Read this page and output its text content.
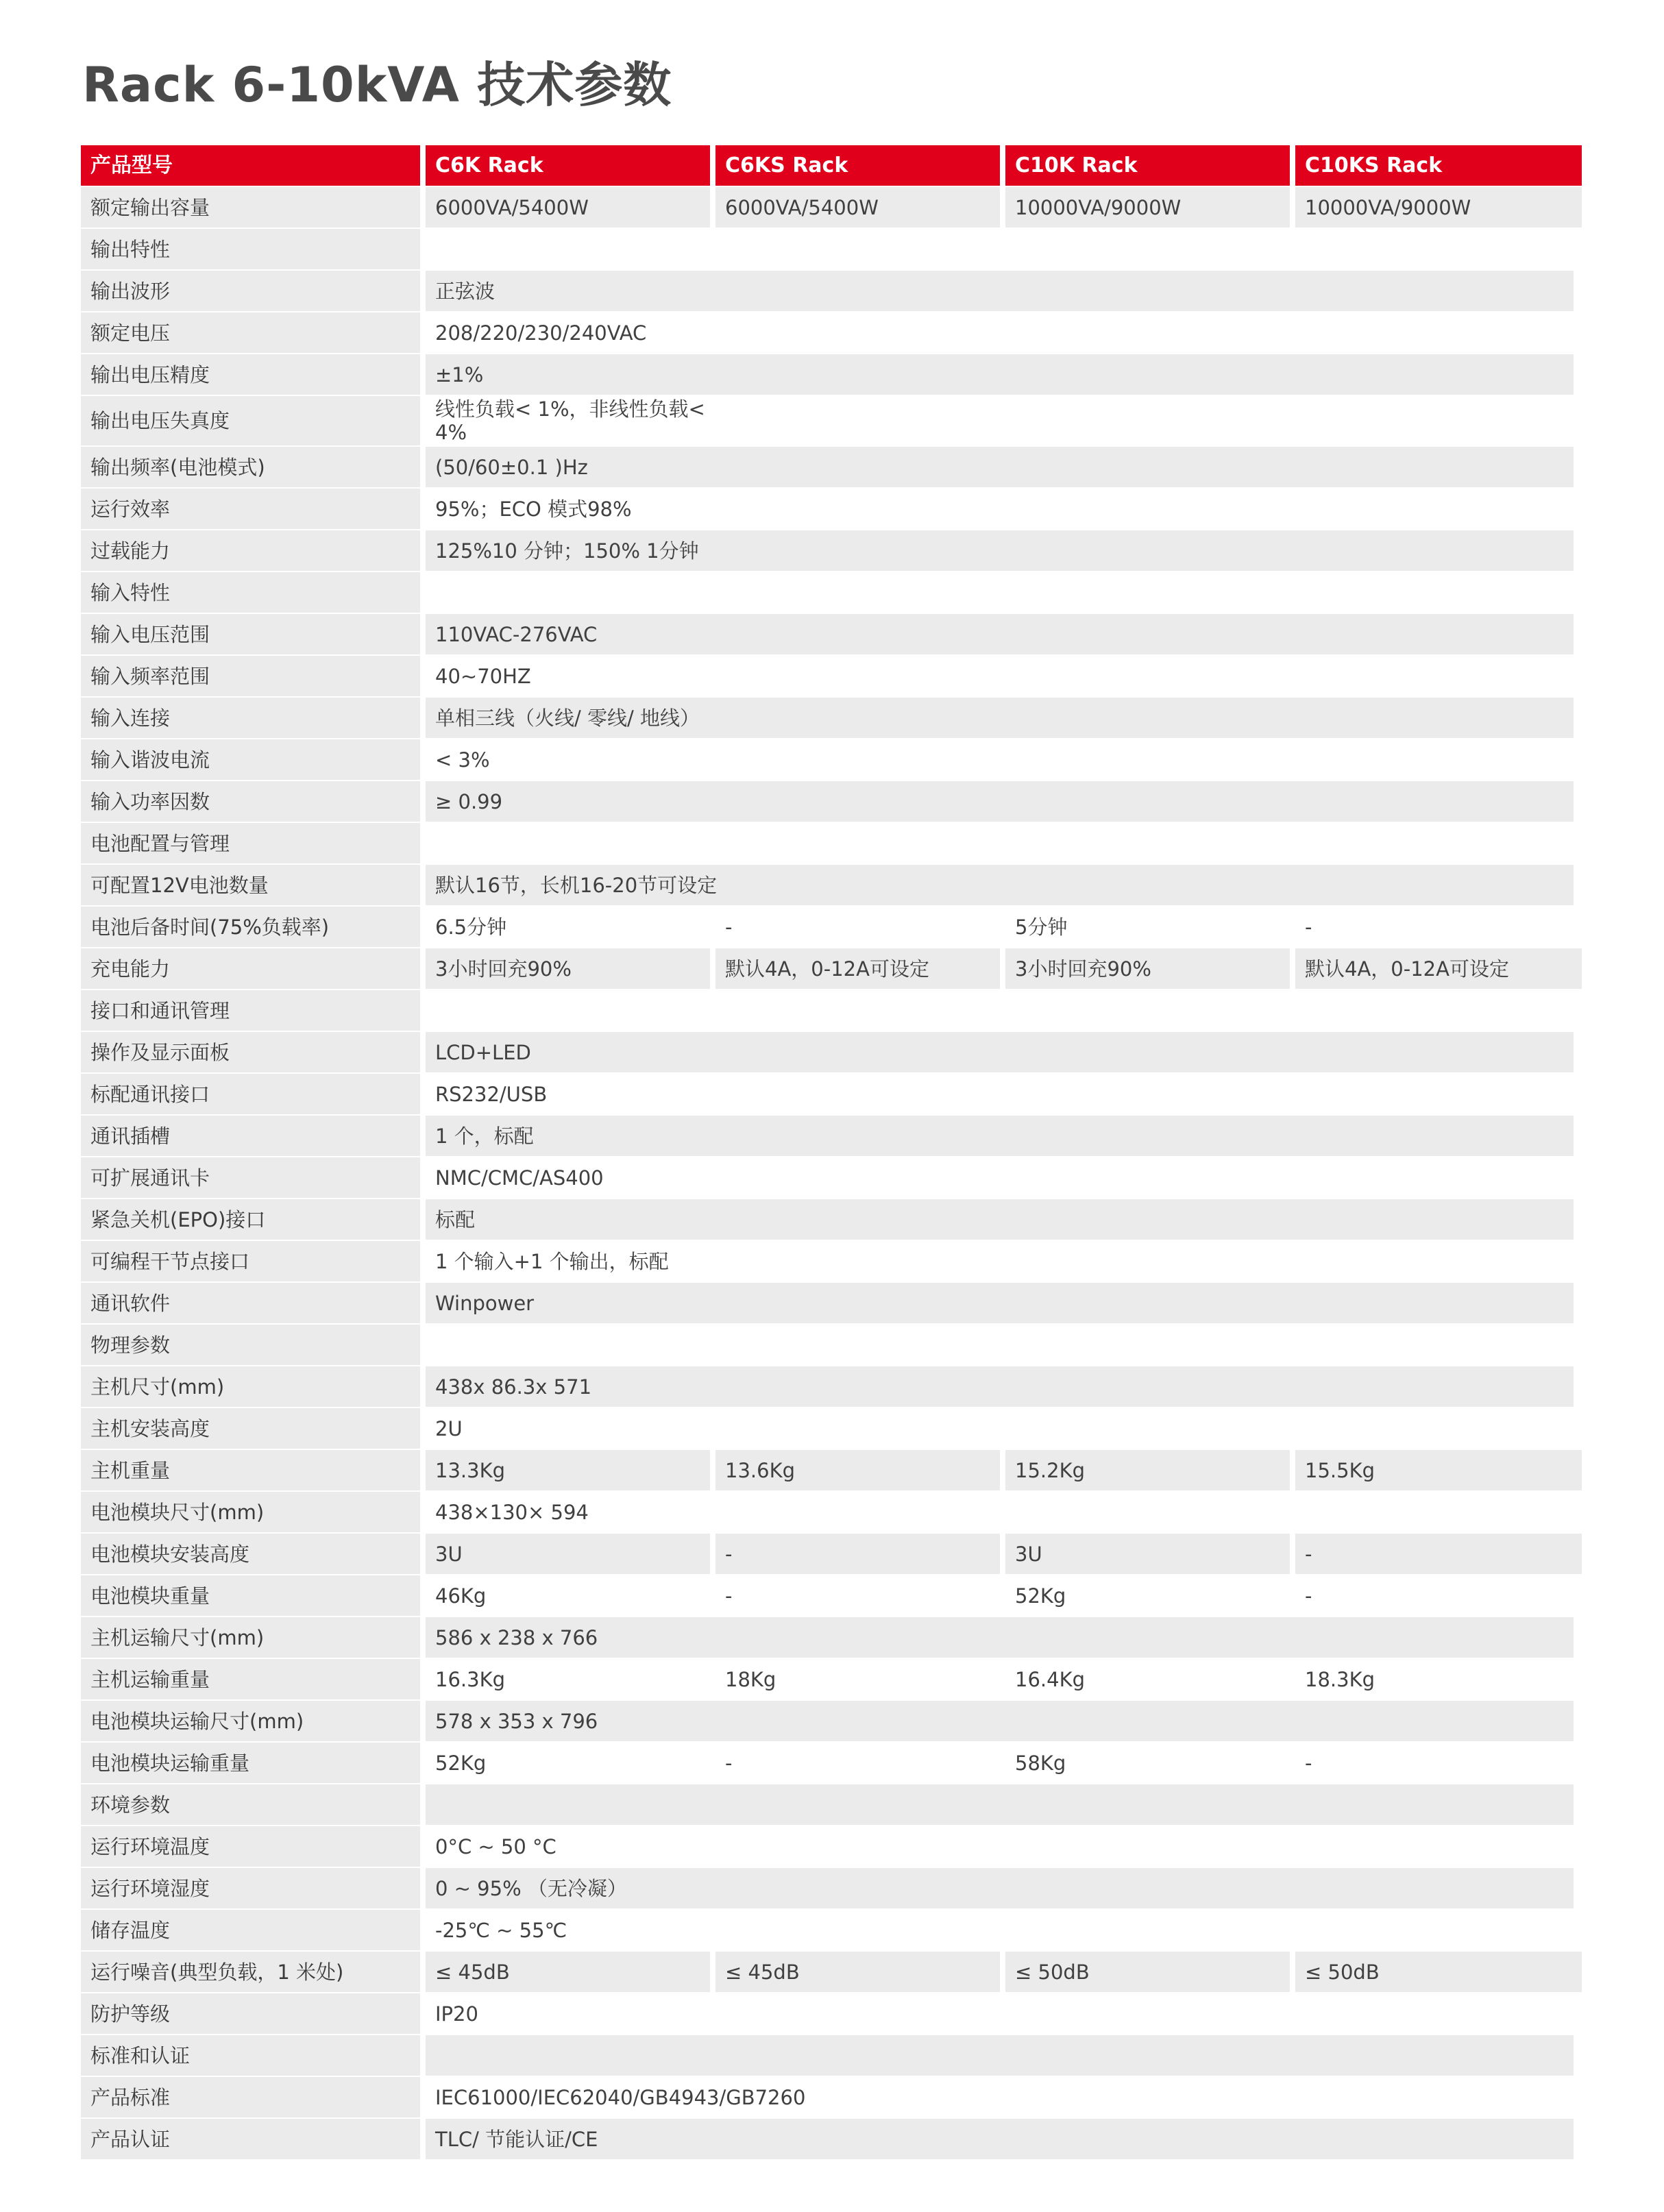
Rack 6-10kVA 技术参数
产品型号	C6K Rack	C6KS Rack	C10K Rack	C10KS Rack
额定输出容量	6000VA/5400W	6000VA/5400W	10000VA/9000W	10000VA/9000W
输出特性
输出波形	正弦波
额定电压	208/220/230/240VAC
输出电压精度	±1%
输出电压失真度	线性负载< 1%，非线性负载< 4%
输出频率(电池模式)	(50/60±0.1 )Hz
运行效率	95%；ECO 模式98%
过载能力	125%10 分钟；150% 1分钟
输入特性
输入电压范围	110VAC-276VAC
输入频率范围	40~70HZ
输入连接	单相三线（火线/ 零线/ 地线）
输入谐波电流	< 3%
输入功率因数	≥ 0.99
电池配置与管理
可配置12V电池数量	默认16节，长机16-20节可设定
电池后备时间(75%负载率)	6.5分钟	-	5分钟	-
充电能力	3小时回充90%	默认4A，0-12A可设定	3小时回充90%	默认4A，0-12A可设定
接口和通讯管理
操作及显示面板	LCD+LED
标配通讯接口	RS232/USB
通讯插槽	1 个，标配
可扩展通讯卡	NMC/CMC/AS400
紧急关机(EPO)接口	标配
可编程干节点接口	1 个输入+1 个输出，标配
通讯软件	Winpower
物理参数
主机尺寸(mm)	438x 86.3x 571
主机安装高度	2U
主机重量	13.3Kg	13.6Kg	15.2Kg	15.5Kg
电池模块尺寸(mm)	438×130× 594
电池模块安装高度	3U	-	3U	-
电池模块重量	46Kg	-	52Kg	-
主机运输尺寸(mm)	586 x 238 x 766
主机运输重量	16.3Kg	18Kg	16.4Kg	18.3Kg
电池模块运输尺寸(mm)	578 x 353 x 796
电池模块运输重量	52Kg	-	58Kg	-
环境参数
运行环境温度	0°C ~ 50 °C
运行环境湿度	0 ~ 95% （无冷凝）
储存温度	-25℃ ~ 55℃
运行噪音(典型负载，1 米处)	≤ 45dB	≤ 45dB	≤ 50dB	≤ 50dB
防护等级	IP20
标准和认证
产品标准	IEC61000/IEC62040/GB4943/GB7260
产品认证	TLC/ 节能认证/CE
